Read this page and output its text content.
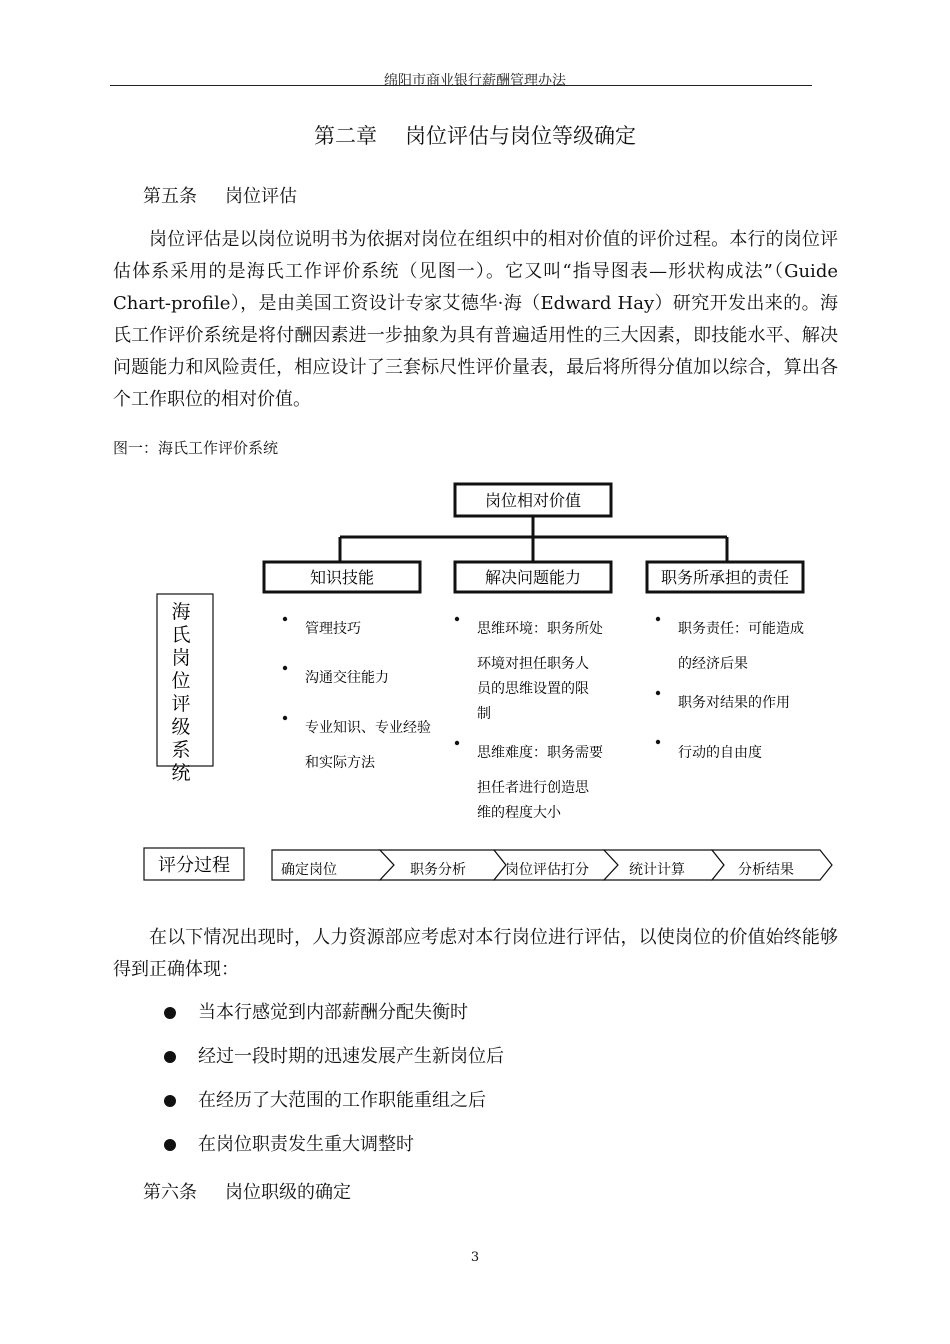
绵阳市商业银行薪酬管理办法
第二章 岗位评估与岗位等级确定
第五条 岗位评估

岗位评估是以岗位说明书为依据对岗位在组织中的相对价值的评价过程。本行的岗位评估体系采用的是海氏工作评价系统（见图一）。它又叫“指导图表—形状构成法”（Guide Chart-profile），是由美国工资设计专家艾德华·海（Edward Hay）研究开发出来的。海氏工作评价系统是将付酬因素进一步抽象为具有普遍适用性的三大因素，即技能水平、解决问题能力和风险责任，相应设计了三套标尺性评价量表，最后将所得分值加以综合，算出各个工作职位的相对价值。

图一：海氏工作评价系统
岗位相对价值
知识技能	解决问题能力	职务所承担的责任
海
氏
岗
位
评
级
系
统
管理技巧
沟通交往能力
专业知识、专业经验
和实际方法
思维环境：职务所处
环境对担任职务人
员的思维设置的限
制
思维难度：职务需要
担任者进行创造思
维的程度大小
职务责任：可能造成
的经济后果
职务对结果的作用
行动的自由度
评分过程	确定岗位	职务分析	岗位评估打分	统计计算	分析结果

在以下情况出现时，人力资源部应考虑对本行岗位进行评估，以使岗位的价值始终能够得到正确体现：

当本行感觉到内部薪酬分配失衡时
经过一段时期的迅速发展产生新岗位后
在经历了大范围的工作职能重组之后
在岗位职责发生重大调整时
第六条 岗位职级的确定
3
